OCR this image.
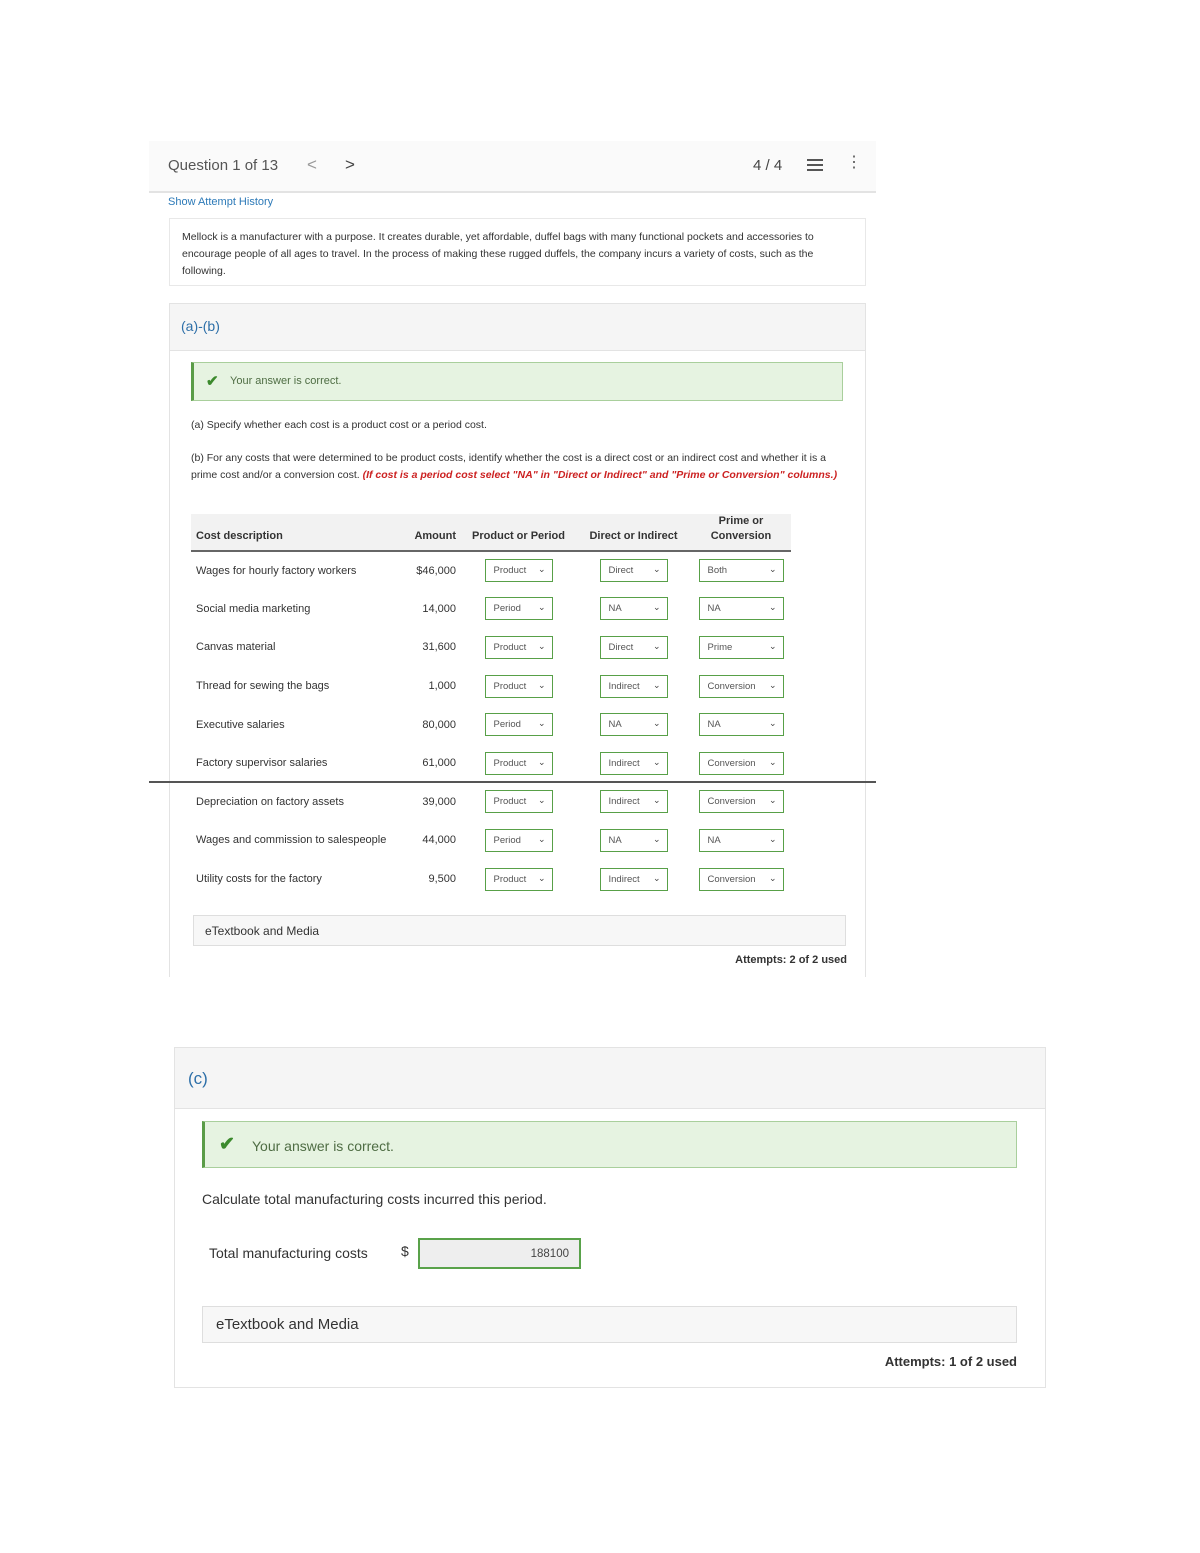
Question 1 of 13 < >	4 / 4	⋮
Show Attempt History
Mellock is a manufacturer with a purpose. It creates durable, yet affordable, duffel bags with many functional pockets and accessories to encourage people of all ages to travel. In the process of making these rugged duffels, the company incurs a variety of costs, such as the following.
(a)-(b)
✔ Your answer is correct.
(a) Specify whether each cost is a product cost or a period cost.
(b) For any costs that were determined to be product costs, identify whether the cost is a direct cost or an indirect cost and whether it is a prime cost and/or a conversion cost. (If cost is a period cost select "NA" in "Direct or Indirect" and "Prime or Conversion" columns.)
Cost description	Amount	Product or Period	Direct or Indirect	Prime or
Conversion
Wages for hourly factory workers	$46,000	Product ⌄	Direct ⌄	Both ⌄

Social media marketing	14,000	Period ⌄	NA ⌄	NA ⌄

Canvas material	31,600	Product ⌄	Direct ⌄	Prime ⌄

Thread for sewing the bags	1,000	Product ⌄	Indirect ⌄	Conversion ⌄

Executive salaries	80,000	Period ⌄	NA ⌄	NA ⌄

Factory supervisor salaries	61,000	Product ⌄	Indirect ⌄	Conversion ⌄

Depreciation on factory assets	39,000	Product ⌄	Indirect ⌄	Conversion ⌄

Wages and commission to salespeople	44,000	Period ⌄	NA ⌄	NA ⌄

Utility costs for the factory	9,500	Product ⌄	Indirect ⌄	Conversion ⌄
eTextbook and Media
Attempts: 2 of 2 used
(c)
✔ Your answer is correct.
Calculate total manufacturing costs incurred this period.
Total manufacturing costs $	188100
eTextbook and Media
Attempts: 1 of 2 used
